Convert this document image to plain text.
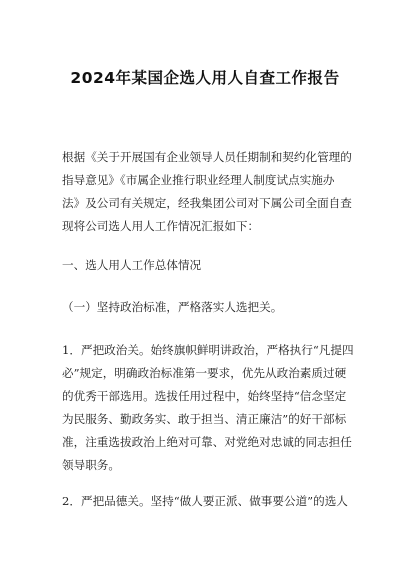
2024年某国企选人用人自查工作报告
根据《关于开展国有企业领导人员任期制和契约化管理的
指导意见》《市属企业推行职业经理人制度试点实施办
法》及公司有关规定，经我集团公司对下属公司全面自查
现将公司选人用人工作情况汇报如下：
一、选人用人工作总体情况
（一）坚持政治标准，严格落实人选把关。
1．严把政治关。始终旗帜鲜明讲政治，严格执行“凡提四
必”规定，明确政治标准第一要求，优先从政治素质过硬
的优秀干部选用。选拔任用过程中，始终坚持“信念坚定
为民服务、勤政务实、敢于担当、清正廉洁”的好干部标
准，注重选拔政治上绝对可靠、对党绝对忠诚的同志担任
领导职务。
2．严把品德关。坚持“做人要正派、做事要公道”的选人
